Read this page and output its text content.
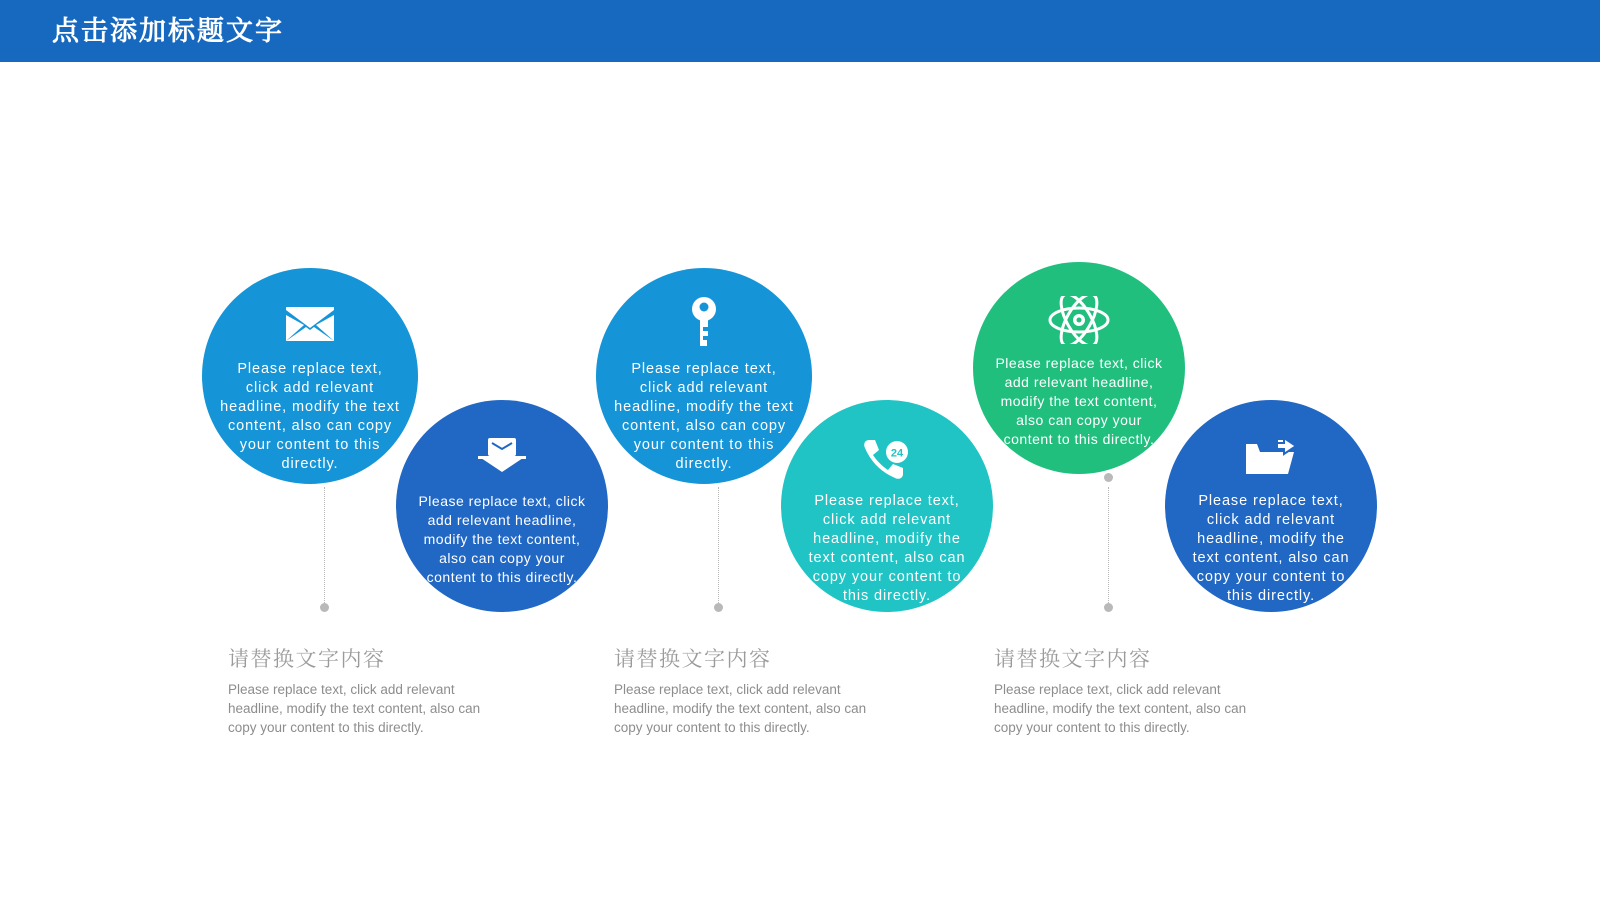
点击添加标题文字
Please replace text, click add relevant headline, modify the text content, also can copy your content to this directly.
Please replace text, click add relevant headline, modify the text content, also can copy your content to this directly.
Please replace text, click add relevant headline, modify the text content, also can copy your content to this directly.
24
Please replace text, click add relevant headline, modify the text content, also can copy your content to this directly.
Please replace text, click add relevant headline, modify the text content, also can copy your content to this directly.
Please replace text, click add relevant headline, modify the text content, also can copy your content to this directly.
请替换文字内容

Please replace text, click add relevant headline, modify the text content, also can copy your content to this directly.

请替换文字内容

Please replace text, click add relevant headline, modify the text content, also can copy your content to this directly.

请替换文字内容

Please replace text, click add relevant headline, modify the text content, also can copy your content to this directly.
